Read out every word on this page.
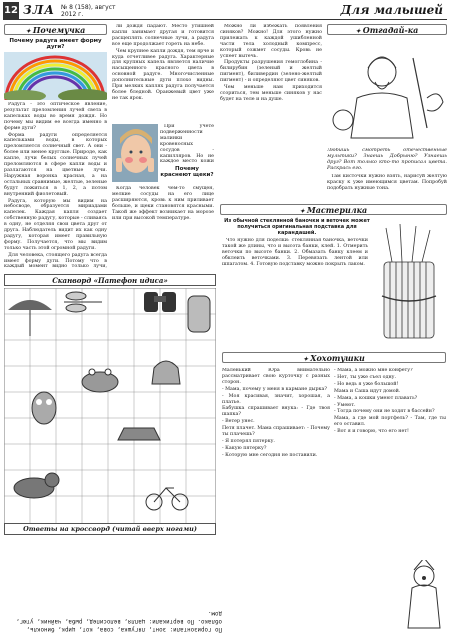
12 ЗЛА № 8 (158), август 2012 г.	Для малышей
✦ Почемучка
Почему радуга имеет форму дуги?

Радуга - это оптическое явление, результат преломления лучей света в капельках воды во время дождя. Но почему мы видим ее всегда именно в форме дуги?

Форма радуги определяется капельками воды, в которых преломляется солнечный свет. А они - более или менее круглые. Природе, как капле, лучи белых солнечных лучей преломляются в сфере капли воды и разлагаются на цветные лучи. Наружная воронка красная, а на остальных сравнимые, желтые, зеленые будут ложиться в 1, 2, а потом внутренний фиолетовый.

Радуга, которую мы видим на небосводе, образуется мириадами капелек. Каждая капля создает собственную радугу, которые - сливаясь в одну, не отделяя свои цвета друг от друга. Наблюдатель видит их как одну радугу, которая имеет правильную форму. Получается, что мы видим только часть этой огромной радуги.

Для человека, стоящего радуга всегда имеет форму дуги. Потому что в каждый момент видно только лучи,

ли дождя падают. Место утишней капли занимает другая и готовится расщеплять солнечные лучи, а радуга все еще продолжает гореть на небе.

Чем крупнее капли дождя, тем ярче и куда отчетливее радуга. Характерные для крупных капель является наличие насыщенного красного цвета в основной радуге. Многочисленные дополнительные дуги плохо видны. При мелких каплях радуга получается более бледной. Оранжевый цвет уже не так ярок.

Почему краснеют щеки?

При учете подверженности малинки кровеносных сосудов - капилляров. Но не каждое место кожи

Когда человек чем-то смущен, мелкие сосуды на его лице расширяются, кровь к ним приливает больше, и щеки становятся красными. Такой же эффект возникает на морозе или при высокой температуре.

Можно ли избежать появления синяков? Можно! Для этого нужно прилежать к каждой ушибленной части тела холодный компресс, который сожмет сосуды. Кровь не успеет вытечь.

Продукты разрушения гемоглобина - билирубин (зеленый и желтый пигмент), биливердин (зелено-желтый пигмент) - и определяют цвет синяков.

Чем меньше нам приходится ссориться, тем меньше синяков у нас будет на теле и на душе.

✦ Отгадай-ка
Любишь смотреть отечественные мультики? Знаешь Добрыню? Узнаешь друг? Вот только кто-то прописал цвета. Раскрась его.

Там кисточки нужно взять, нарисуй желтую краску к уже имеющимся цветам. Попробуй подобрать нужные тона.

✦ Мастерилка
Из обычной стеклянной баночки и веточек может получиться оригинальная подставка для карандашей.

Что нужно для поделки: стеклянная баночка, веточки такой же длины, что и высота банки, клей. 1. Отмерить веточки по высоте банки. 2. Обмазать банку клеем и обклеить веточками. 3. Перевязать лентой или шпагатом. 4. Готовую подставку можно покрыть лаком.

Сканворд «Патефон идиса»
Ответы на кроссворд (читай вверх ногами)
По горизонтали: зонт, лягушка, сова, кот, цирк, бинокль, облако. По вертикали: цапля, велосипед, рыба, чайник, утюг, дом.
✦ Хохотушки

Маленький Юра внимательно рассматривает свою курточку с разных сторон.

- Мама, почему у меня в кармане дырка?

- Моя красивая, значит, хорошая, а платье.

Бабушка спрашивает внука: - Где твоя шапка?

- Ветер унес.

Петя плачет. Мама спрашивает: - Почему ты плачешь?

- Я потерял пятерку.

- Какую пятерку?

- Которую мне сегодня не поставили.

- Мама, а можно мне конфету?

- Нет, ты уже съел одну.

- Но ведь я уже большой!

Мама и Саша идут домой.

- Мама, а кошки умеют плавать?

- Умеют.

- Тогда почему они не ходят в бассейн?

Мама, а где мой портфель? - Там, где ты его оставил.

- Вот я и говорю, что его нет!
